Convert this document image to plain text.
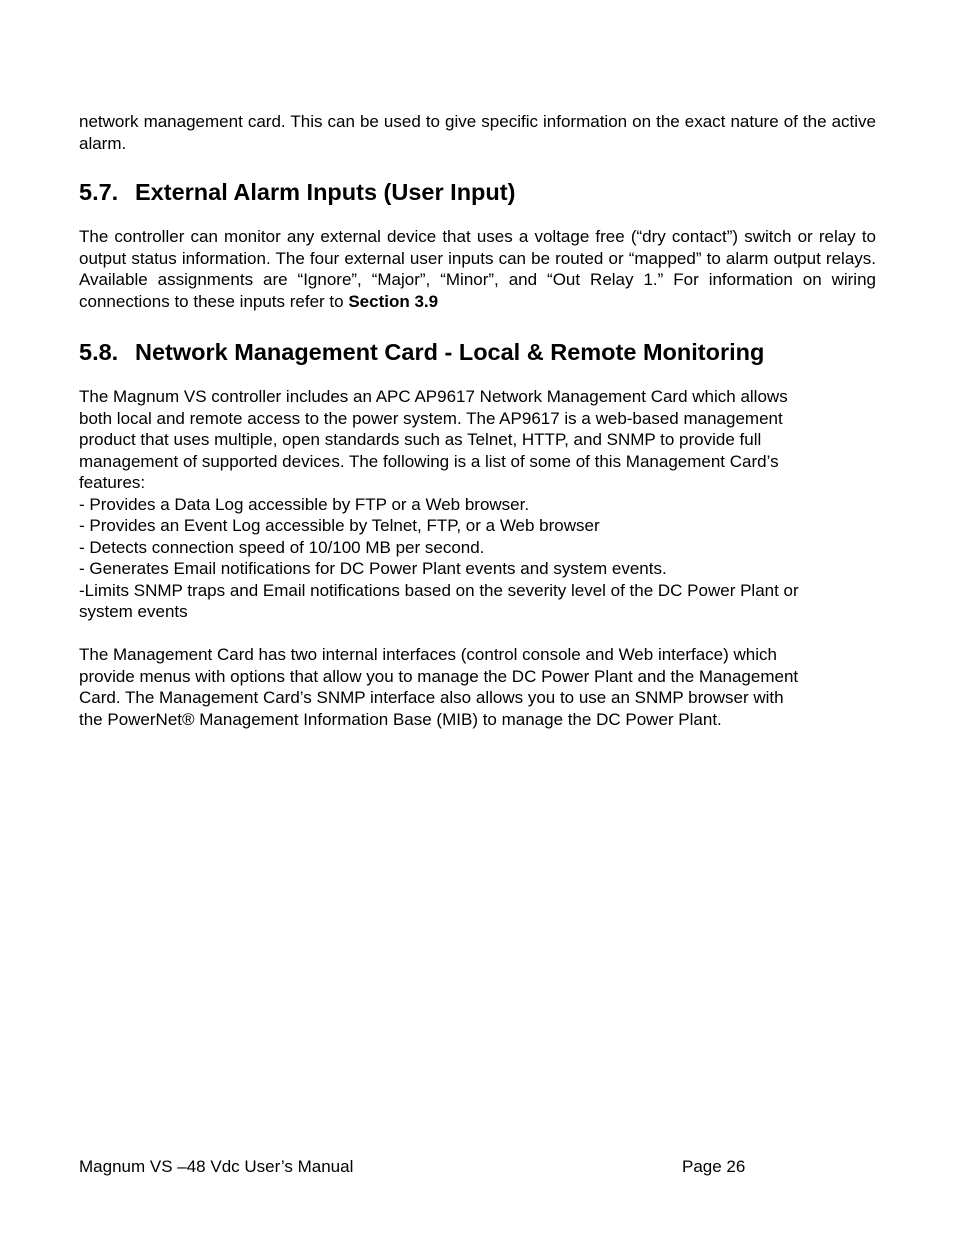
network management card. This can be used to give specific information on the exact nature of the active alarm.

5.7. External Alarm Inputs (User Input)

The controller can monitor any external device that uses a voltage free (“dry contact”) switch or relay to output status information. The four external user inputs can be routed or “mapped” to alarm output relays. Available assignments are “Ignore”, “Major”, “Minor”, and “Out Relay 1.” For information on wiring connections to these inputs refer to Section 3.9

5.8. Network Management Card - Local & Remote Monitoring

The Magnum VS controller includes an APC AP9617 Network Management Card which allows

both local and remote access to the power system. The AP9617 is a web-based management

product that uses multiple, open standards such as Telnet, HTTP, and SNMP to provide full

management of supported devices. The following is a list of some of this Management Card’s

features:

- Provides a Data Log accessible by FTP or a Web browser.

- Provides an Event Log accessible by Telnet, FTP, or a Web browser

- Detects connection speed of 10/100 MB per second.

- Generates Email notifications for DC Power Plant events and system events.

-Limits SNMP traps and Email notifications based on the severity level of the DC Power Plant or

system events

The Management Card has two internal interfaces (control console and Web interface) which

provide menus with options that allow you to manage the DC Power Plant and the Management

Card. The Management Card’s SNMP interface also allows you to use an SNMP browser with

the PowerNet® Management Information Base (MIB) to manage the DC Power Plant.

Magnum VS –48 Vdc User’s Manual	Page 26
